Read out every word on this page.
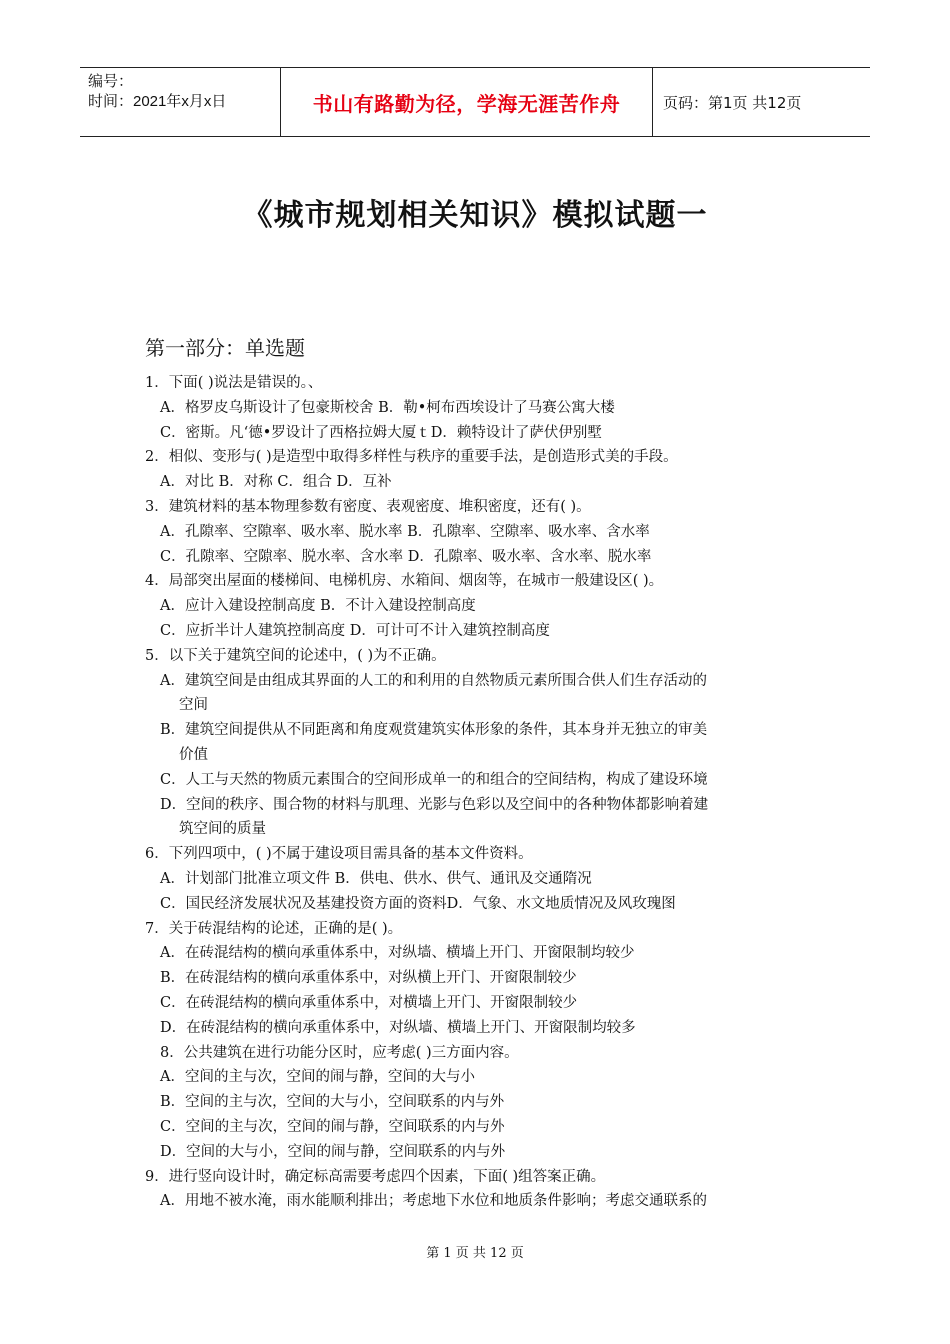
编号：
时间：2021年x月x日	书山有路勤为径，学海无涯苦作舟	页码：第1页 共12页
《城市规划相关知识》模拟试题一
第一部分：单选题
1．下面( )说法是错误的。、
A．格罗皮乌斯设计了包豪斯校舍 B．勒•柯布西埃设计了马赛公寓大楼
C．密斯。凡‘德•罗设计了西格拉姆大厦ｔD．赖特设计了萨伏伊别墅
2．相似、变形与( )是造型中取得多样性与秩序的重要手法，是创造形式美的手段。
A．对比 B．对称 C．组合 D．互补
3．建筑材料的基本物理参数有密度、表观密度、堆积密度，还有( )。
A．孔隙率、空隙率、吸水率、脱水率 B．孔隙率、空隙率、吸水率、含水率
C．孔隙率、空隙率、脱水率、含水率 D．孔隙率、吸水率、含水率、脱水率
4．局部突出屋面的楼梯间、电梯机房、水箱间、烟囱等，在城市一般建设区( )。
A．应计入建设控制高度 B．不计入建设控制高度
C．应折半计人建筑控制高度 D．可计可不计入建筑控制高度
5．以下关于建筑空间的论述中，( )为不正确。
A．建筑空间是由组成其界面的人工的和利用的自然物质元素所围合供人们生存活动的
空间
B．建筑空间提供从不同距离和角度观赏建筑实体形象的条件，其本身并无独立的审美
价值
C．人工与天然的物质元素围合的空间形成单一的和组合的空间结构，构成了建设环境
D．空间的秩序、围合物的材料与肌理、光影与色彩以及空间中的各种物体都影响着建
筑空间的质量
6．下列四项中，( )不属于建设项目需具备的基本文件资料。
A．计划部门批准立项文件 B．供电、供水、供气、通讯及交通隋况
C．国民经济发展状况及基建投资方面的资料D．气象、水文地质情况及风玫瑰图
7．关于砖混结构的论述，正确的是( )。
A．在砖混结构的横向承重体系中，对纵墙、横墙上开门、开窗限制均较少
B．在砖混结构的横向承重体系中，对纵横上开门、开窗限制较少
C．在砖混结构的横向承重体系中，对横墙上开门、开窗限制较少
D．在砖混结构的横向承重体系中，对纵墙、横墙上开门、开窗限制均较多
8．公共建筑在进行功能分区时，应考虑( )三方面内容。
A．空间的主与次，空间的闹与静，空间的大与小
B．空间的主与次，空间的大与小，空间联系的内与外
C．空间的主与次，空间的闹与静，空间联系的内与外
D．空间的大与小，空间的闹与静，空间联系的内与外
9．进行竖向设计时，确定标高需要考虑四个因素，下面( )组答案正确。
A．用地不被水淹，雨水能顺利排出；考虑地下水位和地质条件影响；考虑交通联系的
第 1 页 共 12 页
